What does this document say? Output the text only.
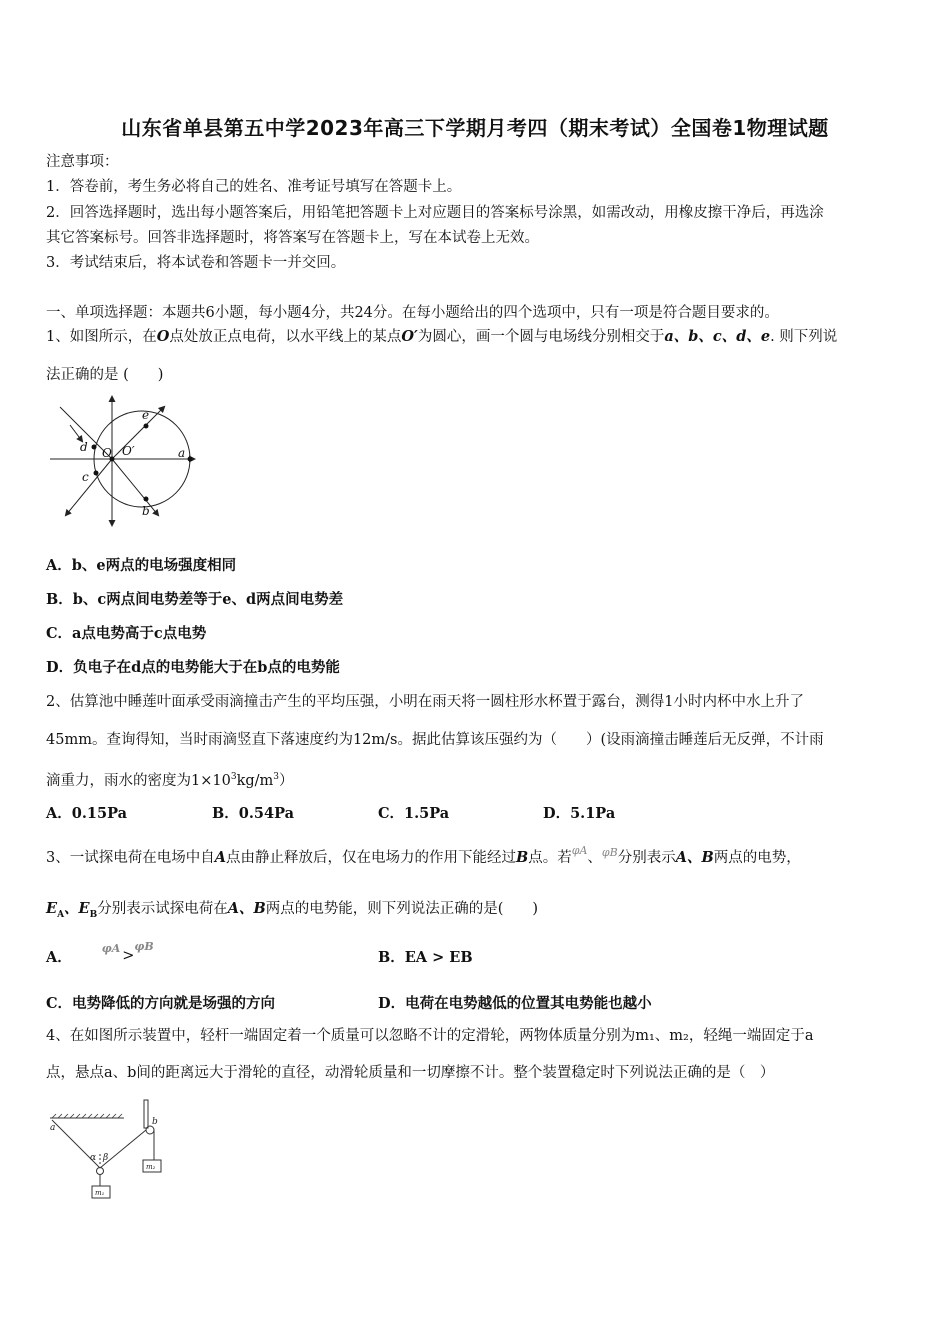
山东省单县第五中学2023年高三下学期月考四（期末考试）全国卷1物理试题
注意事项：
1．答卷前，考生务必将自己的姓名、准考证号填写在答题卡上。
2．回答选择题时，选出每小题答案后，用铅笔把答题卡上对应题目的答案标号涂黑，如需改动，用橡皮擦干净后，再选涂
其它答案标号。回答非选择题时，将答案写在答题卡上，写在本试卷上无效。
3．考试结束后，将本试卷和答题卡一并交回。
一、单项选择题：本题共6小题，每小题4分，共24分。在每小题给出的四个选项中，只有一项是符合题目要求的。
1、如图所示，在O点处放正点电荷，以水平线上的某点O′为圆心，画一个圆与电场线分别相交于a、b、c、d、e. 则下列说
法正确的是 (　　)
e
d O O′	a
c
b
A．b、e两点的电场强度相同
B．b、c两点间电势差等于e、d两点间电势差
C．a点电势高于c点电势
D．负电子在d点的电势能大于在b点的电势能
2、估算池中睡莲叶面承受雨滴撞击产生的平均压强，小明在雨天将一圆柱形水杯置于露台，测得1小时内杯中水上升了
45mm。查询得知，当时雨滴竖直下落速度约为12m/s。据此估算该压强约为（　　）(设雨滴撞击睡莲后无反弹，不计雨
滴重力，雨水的密度为$1\times 10^3kg/m^3$）
A．0.15Pa	B．0.54Pa	C．1.5Pa	D．5.1Pa
3、一试探电荷在电场中自A点由静止释放后，仅在电场力的作用下能经过B点。若$^{\varphi A}$、$^{\varphi B}$分别表示A、B两点的电势，
$E_A$、$E_B$分别表示试探电荷在A、B两点的电势能，则下列说法正确的是(　　)
A．$^{\varphi A}$ >$^{\varphi B}$
B．EA > EB
C．电势降低的方向就是场强的方向	D．电荷在电势越低的位置其电势能也越小
4、在如图所示装置中，轻杆一端固定着一个质量可以忽略不计的定滑轮，两物体质量分别为m₁、m₂，轻绳一端固定于a
点，悬点a、b间的距离远大于滑轮的直径，动滑轮质量和一切摩擦不计。整个装置稳定时下列说法正确的是（　）
a
b
α β
m₁
m₂
